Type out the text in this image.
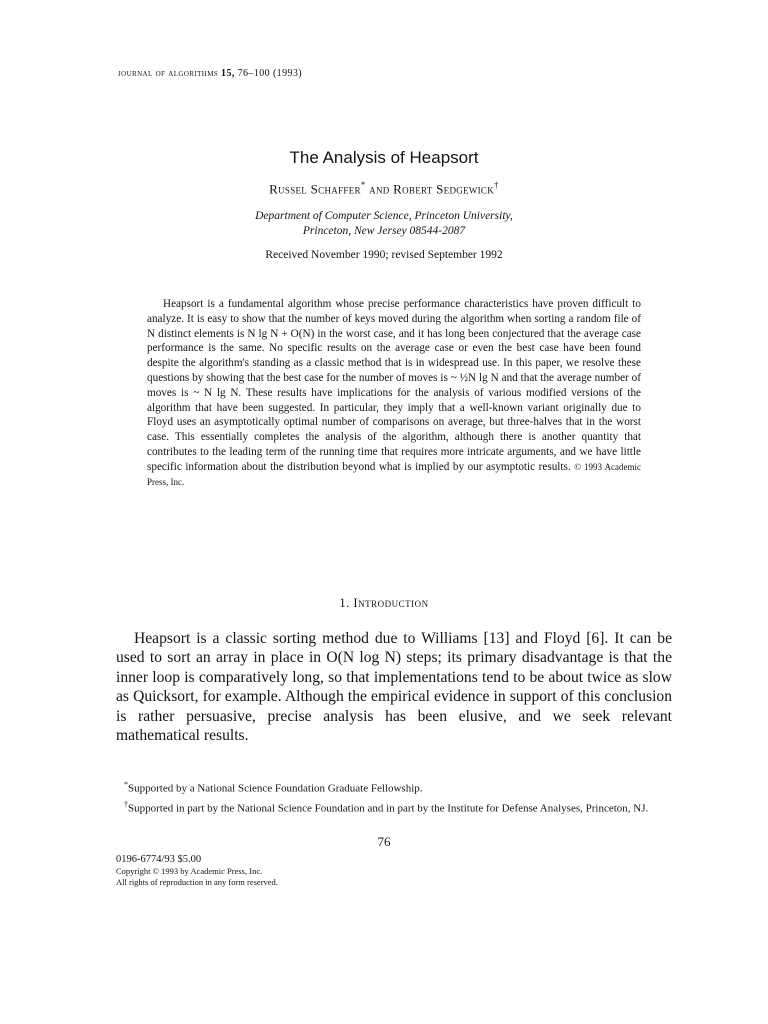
journal of algorithms 15, 76–100 (1993)
The Analysis of Heapsort
Russel Schaffer* and Robert Sedgewick†
Department of Computer Science, Princeton University,
Princeton, New Jersey 08544-2087
Received November 1990; revised September 1992
Heapsort is a fundamental algorithm whose precise performance characteristics have proven difficult to analyze. It is easy to show that the number of keys moved during the algorithm when sorting a random file of N distinct elements is N lg N + O(N) in the worst case, and it has long been conjectured that the average case performance is the same. No specific results on the average case or even the best case have been found despite the algorithm's standing as a classic method that is in widespread use. In this paper, we resolve these questions by showing that the best case for the number of moves is ~ ½N lg N and that the average number of moves is ~ N lg N. These results have implications for the analysis of various modified versions of the algorithm that have been suggested. In particular, they imply that a well-known variant originally due to Floyd uses an asymptotically optimal number of comparisons on average, but three-halves that in the worst case. This essentially completes the analysis of the algorithm, although there is another quantity that contributes to the leading term of the running time that requires more intricate arguments, and we have little specific information about the distribution beyond what is implied by our asymptotic results. © 1993 Academic Press, Inc.
1. Introduction
Heapsort is a classic sorting method due to Williams [13] and Floyd [6]. It can be used to sort an array in place in O(N log N) steps; its primary disadvantage is that the inner loop is comparatively long, so that implementations tend to be about twice as slow as Quicksort, for example. Although the empirical evidence in support of this conclusion is rather persuasive, precise analysis has been elusive, and we seek relevant mathematical results.
*Supported by a National Science Foundation Graduate Fellowship.
†Supported in part by the National Science Foundation and in part by the Institute for Defense Analyses, Princeton, NJ.
76
0196-6774/93 $5.00
Copyright © 1993 by Academic Press, Inc.
All rights of reproduction in any form reserved.
